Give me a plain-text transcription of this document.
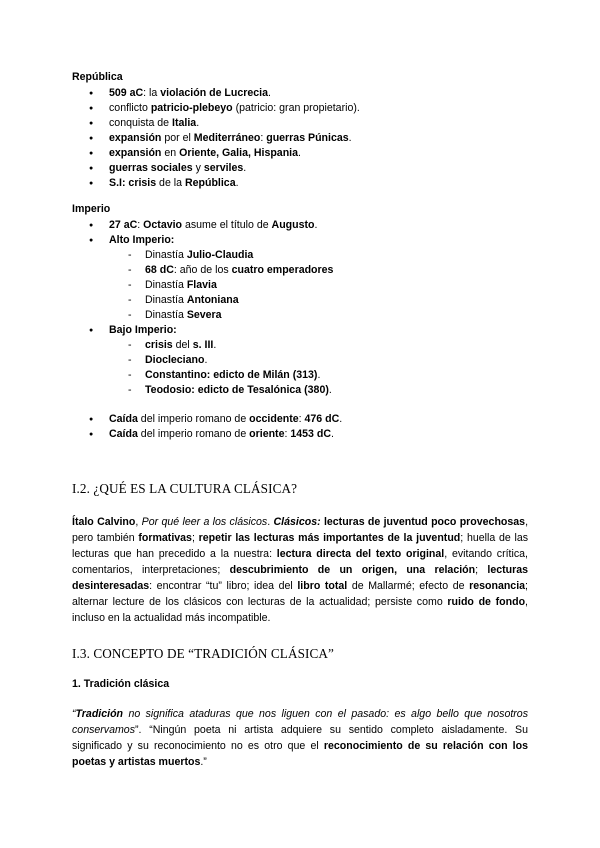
República
● 509 aC: la violación de Lucrecia.
● conflicto patricio-plebeyo (patricio: gran propietario).
● conquista de Italia.
● expansión por el Mediterráneo: guerras Púnicas.
● expansión en Oriente, Galia, Hispania.
● guerras sociales y serviles.
● S.I: crisis de la República.
Imperio
● 27 aC: Octavio asume el título de Augusto.
● Alto Imperio:
- Dinastía Julio-Claudia
- 68 dC: año de los cuatro emperadores
- Dinastía Flavia
- Dinastía Antoniana
- Dinastía Severa
● Bajo Imperio:
- crisis del s. III.
- Diocleciano.
- Constantino: edicto de Milán (313).
- Teodosio: edicto de Tesalónica (380).
● Caída del imperio romano de occidente: 476 dC.
● Caída del imperio romano de oriente: 1453 dC.
I.2. ¿QUÉ ES LA CULTURA CLÁSICA?

Ítalo Calvino, Por qué leer a los clásicos. Clásicos: lecturas de juventud poco provechosas, pero también formativas; repetir las lecturas más importantes de la juventud; huella de las lecturas que han precedido a la nuestra: lectura directa del texto original, evitando crítica, comentarios, interpretaciones; descubrimiento de un origen, una relación; lecturas desinteresadas: encontrar “tu” libro; idea del libro total de Mallarmé; efecto de resonancia; alternar lecture de los clásicos con lecturas de la actualidad; persiste como ruido de fondo, incluso en la actualidad más incompatible.

I.3. CONCEPTO DE “TRADICIÓN CLÁSICA”
1. Tradición clásica

“Tradición no significa ataduras que nos liguen con el pasado: es algo bello que nosotros conservamos”. “Ningún poeta ni artista adquiere su sentido completo aisladamente. Su significado y su reconocimiento no es otro que el reconocimiento de su relación con los poetas y artistas muertos.”
